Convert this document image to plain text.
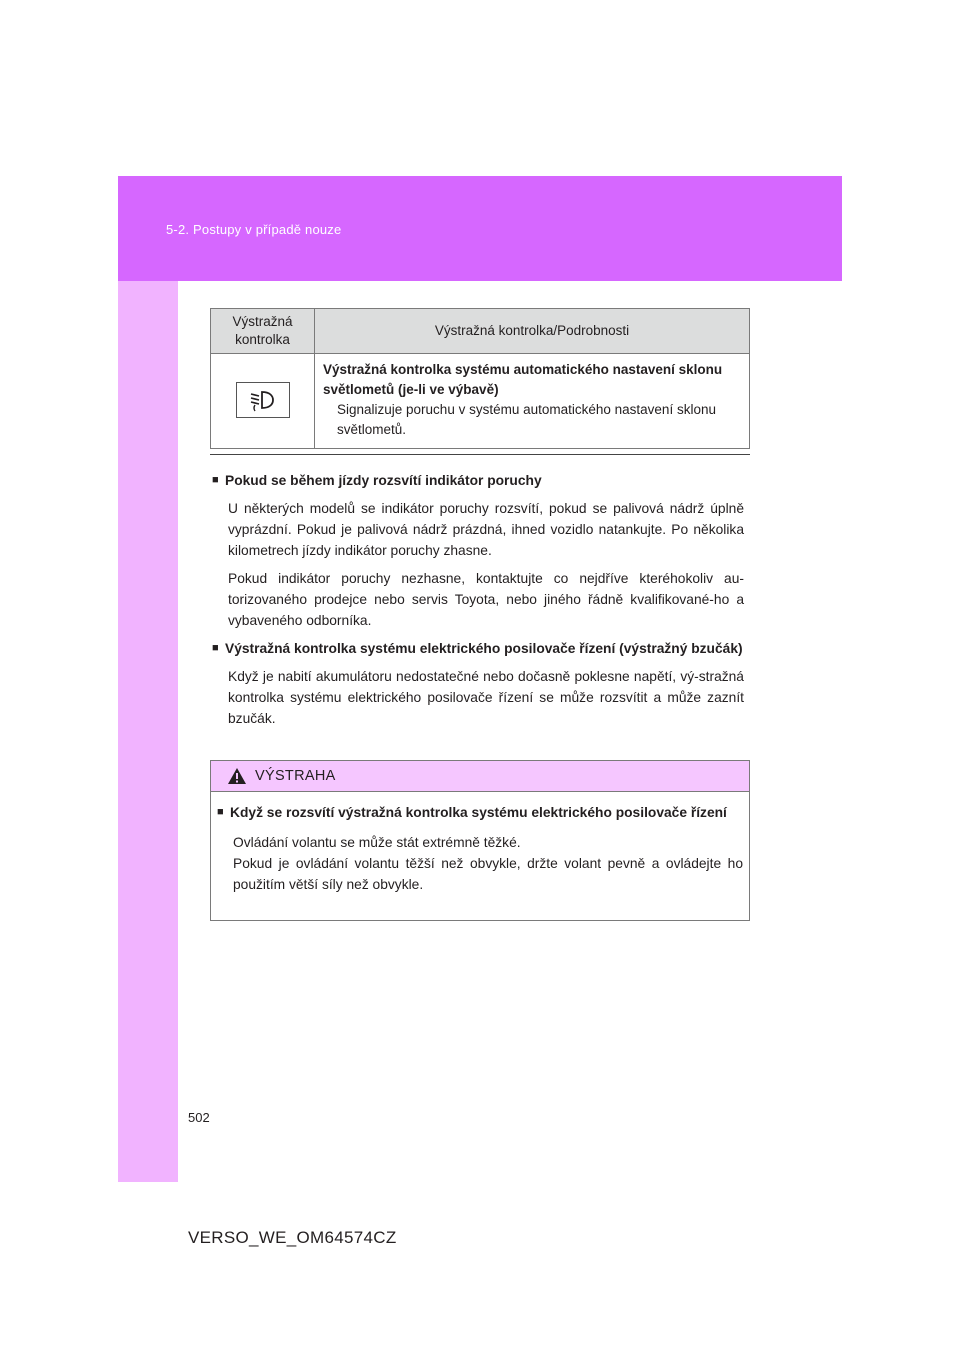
5-2. Postupy v případě nouze
Výstražná kontrolka	Výstražná kontrolka/Podrobnosti

Výstražná kontrolka systému automatického nastavení sklonu světlometů (je-li ve výbavě)
Signalizuje poruchu v systému automatického nastavení sklonu světlometů.
■ Pokud se během jízdy rozsvítí indikátor poruchy

U některých modelů se indikátor poruchy rozsvítí, pokud se palivová nádrž úplně vyprázdní. Pokud je palivová nádrž prázdná, ihned vozidlo natankujte. Po několika kilometrech jízdy indikátor poruchy zhasne.

Pokud indikátor poruchy nezhasne, kontaktujte co nejdříve kteréhokoliv au-torizovaného prodejce nebo servis Toyota, nebo jiného řádně kvalifikované-ho a vybaveného odborníka.

■ Výstražná kontrolka systému elektrického posilovače řízení (výstražný bzučák)

Když je nabití akumulátoru nedostatečné nebo dočasně poklesne napětí, vý-stražná kontrolka systému elektrického posilovače řízení se může rozsvítit a může zaznít bzučák.

VÝSTRAHA
■ Když se rozsvítí výstražná kontrolka systému elektrického posilovače řízení

Ovládání volantu se může stát extrémně těžké.
Pokud je ovládání volantu těžší než obvykle, držte volant pevně a ovládejte ho použitím větší síly než obvykle.

502
VERSO_WE_OM64574CZ
